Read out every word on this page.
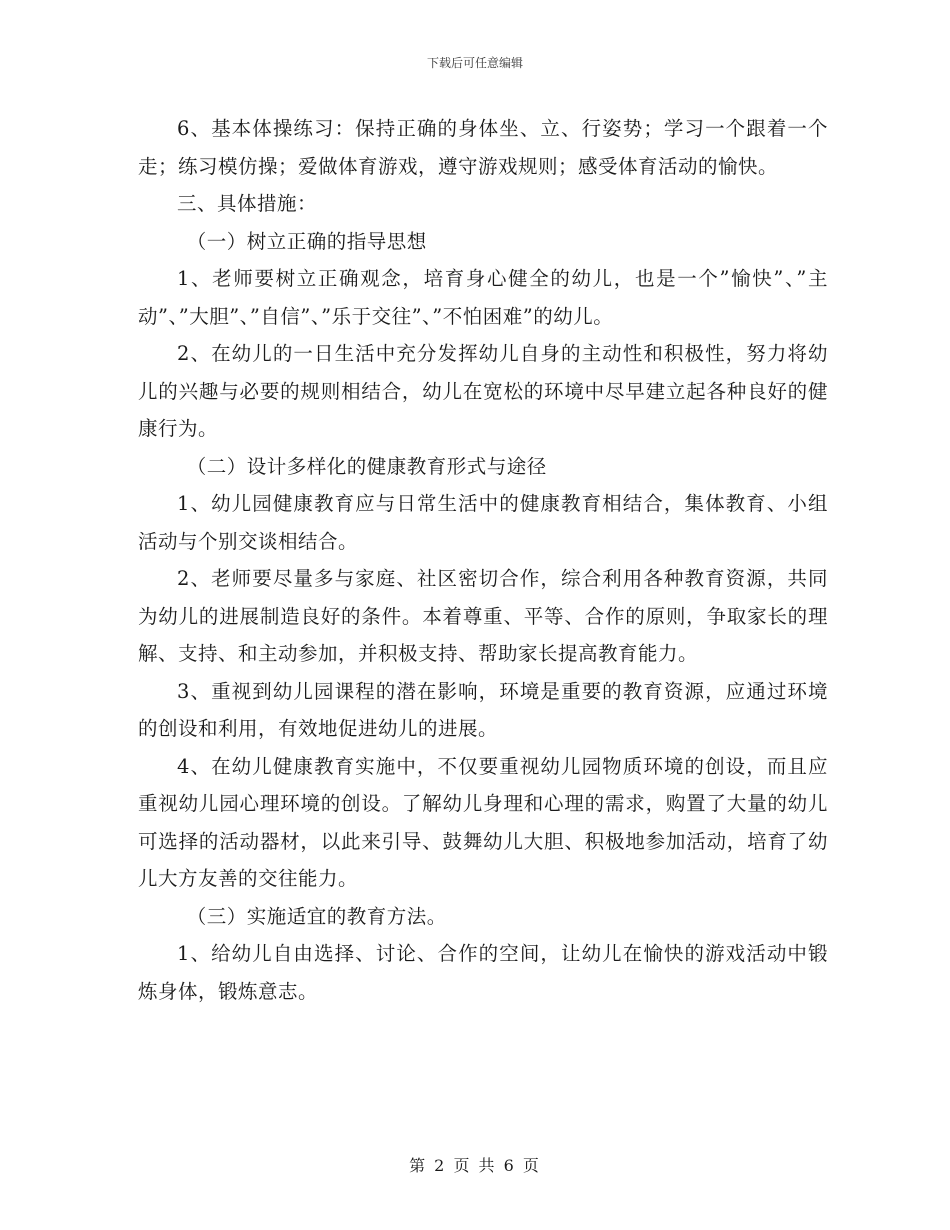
下载后可任意编辑

6、基本体操练习：保持正确的身体坐、立、行姿势；学习一个跟着一个走；练习模仿操；爱做体育游戏，遵守游戏规则；感受体育活动的愉快。

三、具体措施：

（一）树立正确的指导思想

1、老师要树立正确观念，培育身心健全的幼儿，也是一个”愉快”、”主动”、”大胆”、”自信”、”乐于交往”、”不怕困难”的幼儿。

2、在幼儿的一日生活中充分发挥幼儿自身的主动性和积极性，努力将幼儿的兴趣与必要的规则相结合，幼儿在宽松的环境中尽早建立起各种良好的健康行为。

（二）设计多样化的健康教育形式与途径

1、幼儿园健康教育应与日常生活中的健康教育相结合，集体教育、小组活动与个别交谈相结合。

2、老师要尽量多与家庭、社区密切合作，综合利用各种教育资源，共同为幼儿的进展制造良好的条件。本着尊重、平等、合作的原则，争取家长的理解、支持、和主动参加，并积极支持、帮助家长提高教育能力。

3、重视到幼儿园课程的潜在影响，环境是重要的教育资源，应通过环境的创设和利用，有效地促进幼儿的进展。

4、在幼儿健康教育实施中，不仅要重视幼儿园物质环境的创设，而且应重视幼儿园心理环境的创设。了解幼儿身理和心理的需求，购置了大量的幼儿可选择的活动器材，以此来引导、鼓舞幼儿大胆、积极地参加活动，培育了幼儿大方友善的交往能力。

（三）实施适宜的教育方法。

1、给幼儿自由选择、讨论、合作的空间，让幼儿在愉快的游戏活动中锻炼身体，锻炼意志。

第 2 页 共 6 页
